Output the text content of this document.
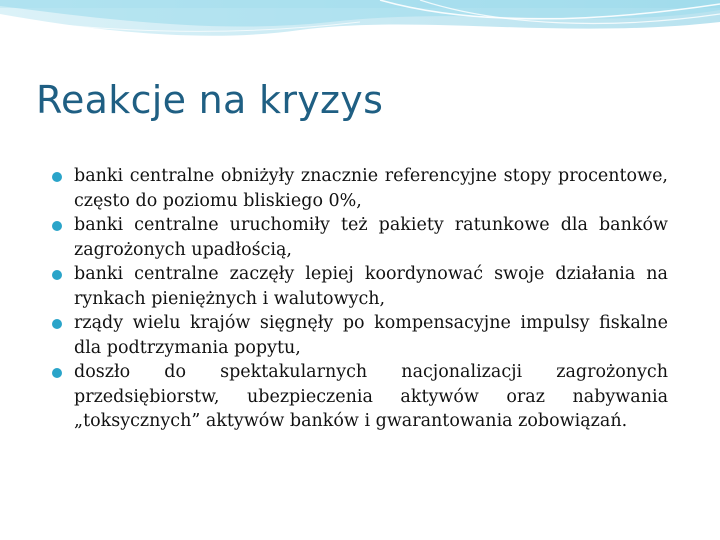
Reakcje na kryzys
banki centralne obniżyły znacznie referencyjne stopy procentowe, często do poziomu bliskiego 0%,
banki centralne uruchomiły też pakiety ratunkowe dla banków zagrożonych upadłością,
banki centralne zaczęły lepiej koordynować swoje działania na rynkach pieniężnych i walutowych,
rządy wielu krajów sięgnęły po kompensacyjne impulsy fiskalne dla podtrzymania popytu,
doszło do spektakularnych nacjonalizacji zagrożonych przedsiębiorstw, ubezpieczenia aktywów oraz nabywania „toksycznych” aktywów banków i gwarantowania zobowiązań.
